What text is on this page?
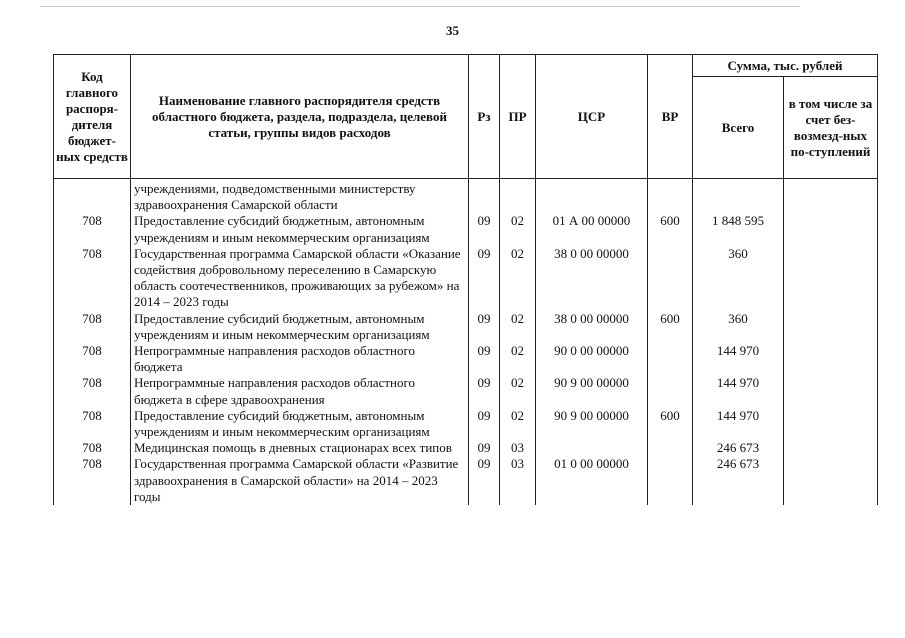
35
Код главного распоря-дителя бюджет-ных средств	Наименование главного распорядителя средств областного бюджета, раздела, подраздела, целевой статьи, группы видов расходов	Рз	ПР	ЦСР	ВР	Сумма, тыс. рублей	
						Всего	в том числе за счет без-возмезд-ных по-ступлений
	учреждениями, подведомственными министерству здравоохранения Самарской области						
708	Предоставление субсидий бюджетным, автономным учреждениям и иным некоммерческим организациям	09	02	01 А 00 00000	600	1 848 595	
708	Государственная программа Самарской области «Оказание содействия добровольному переселению в Самарскую область соотечественников, проживающих за рубежом» на 2014 – 2023 годы	09	02	38 0 00 00000		360	
708	Предоставление субсидий бюджетным, автономным учреждениям и иным некоммерческим организациям	09	02	38 0 00 00000	600	360	
708	Непрограммные направления расходов областного бюджета	09	02	90 0 00 00000		144 970	
708	Непрограммные направления расходов областного бюджета в сфере здравоохранения	09	02	90 9 00 00000		144 970	
708	Предоставление субсидий бюджетным, автономным учреждениям и иным некоммерческим организациям	09	02	90 9 00 00000	600	144 970	
708	Медицинская помощь в дневных стационарах всех типов	09	03			246 673	
708	Государственная программа Самарской области «Развитие здравоохранения в Самарской области» на 2014 – 2023 годы	09	03	01 0 00 00000		246 673	
